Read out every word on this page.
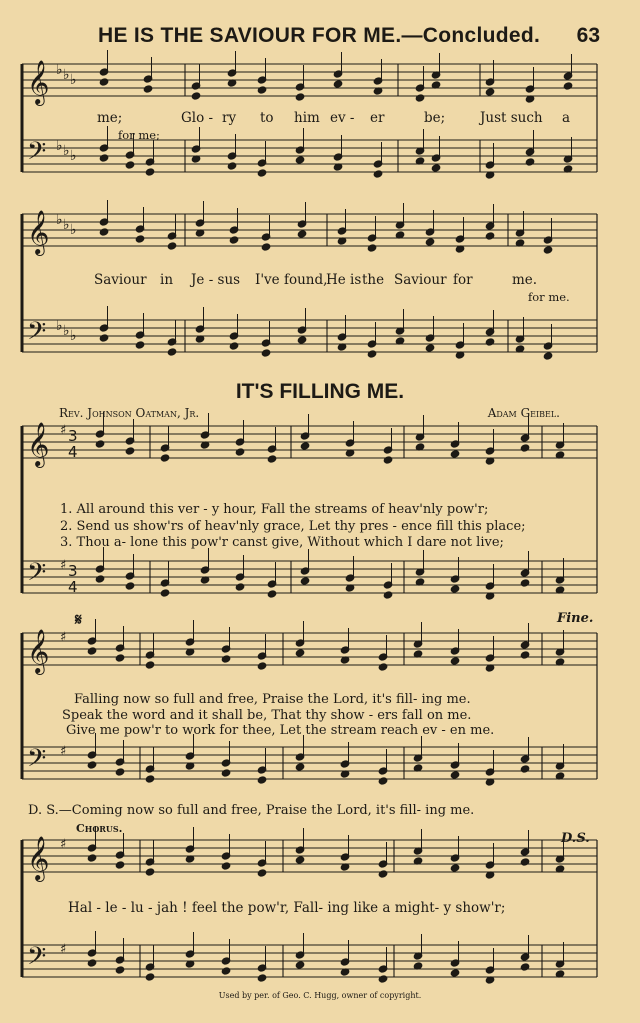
HE IS THE SAVIOUR FOR ME.—Concluded. 63
𝄞
𝄞
𝄞
𝄞
𝄞
𝄢
𝄢
𝄢
𝄢
𝄢
♭ ♭ ♭
♭ ♭ ♭
♭ ♭ ♭
♭ ♭ ♭
♯
♯
♯
♯
♯
♯
3
4
3
4
me;	Glo - ry to him ev - er	be;	Just such a
for me;
Saviour in Je - sus I've found,
He is the Saviour for	me.
for me.
IT'S FILLING ME.
Rev. Johnson Oatman, Jr.	Adam Geibel.
1. All around this ver - y hour, Fall the streams of heav'nly pow'r;
2. Send us show'rs of heav'nly grace, Let thy pres - ence fill this place;
3. Thou a- lone this pow'r canst give, Without which I dare not live;
Fine.
𝄋
Falling now so full and free, Praise the Lord, it's fill- ing me.
Speak the word and it shall be, That thy show - ers fall on me.
Give me pow'r to work for thee, Let the stream reach ev - en me.
D. S.—Coming now so full and free, Praise the Lord, it's fill- ing me.
Chorus.
D.S.
Hal - le - lu - jah ! feel the pow'r, Fall- ing like a might- y show'r;
Used by per. of Geo. C. Hugg, owner of copyright.
